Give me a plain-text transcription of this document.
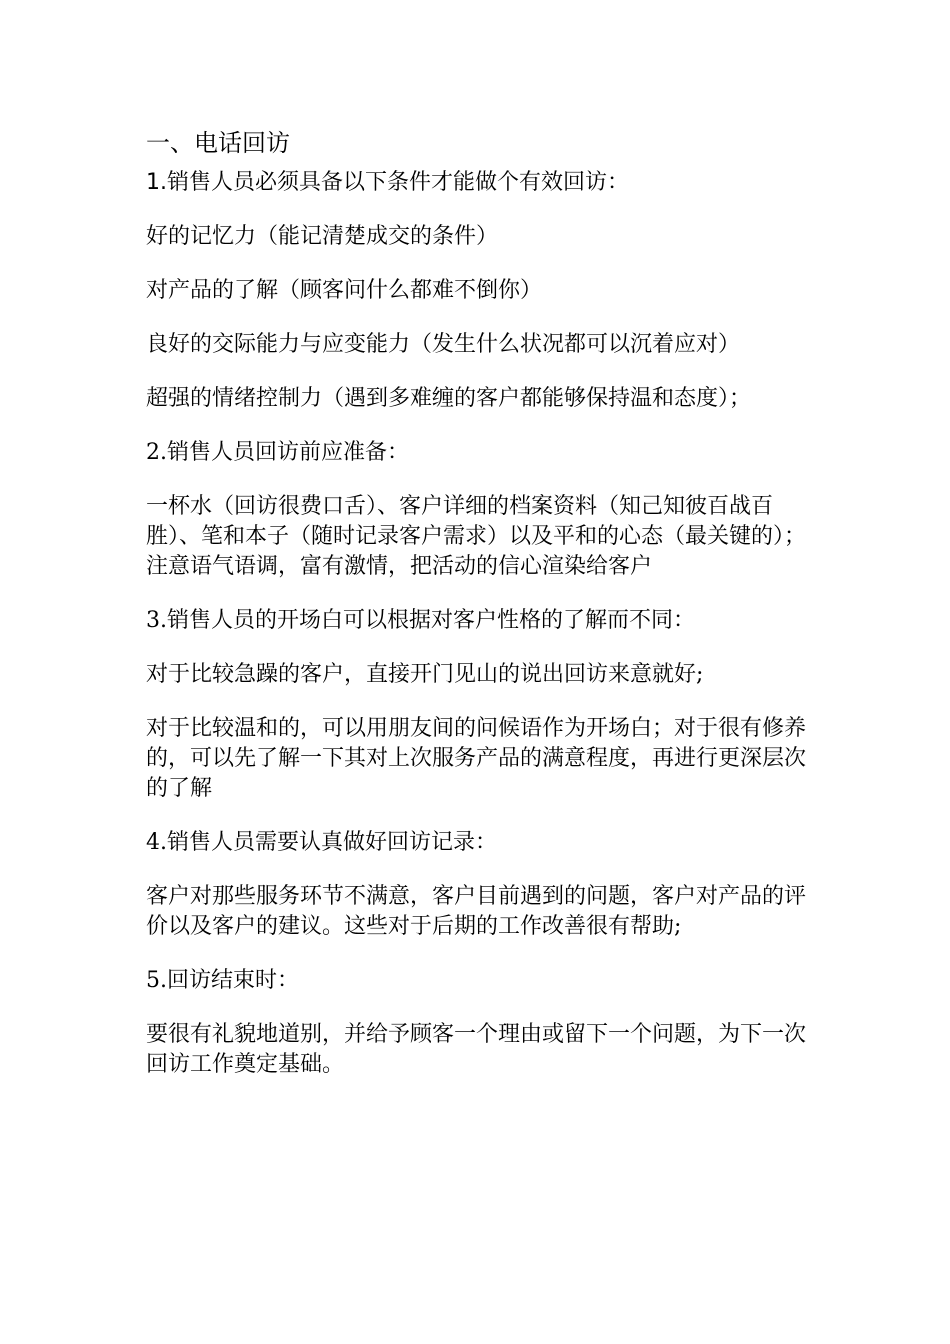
一、电话回访
1.销售人员必须具备以下条件才能做个有效回访：
好的记忆力（能记清楚成交的条件）
对产品的了解（顾客问什么都难不倒你）
良好的交际能力与应变能力（发生什么状况都可以沉着应对）
超强的情绪控制力（遇到多难缠的客户都能够保持温和态度）；
2.销售人员回访前应准备：
一杯水（回访很费口舌）、客户详细的档案资料（知己知彼百战百胜）、笔和本子（随时记录客户需求）以及平和的心态（最关键的）；注意语气语调，富有激情，把活动的信心渲染给客户
3.销售人员的开场白可以根据对客户性格的了解而不同：
对于比较急躁的客户，直接开门见山的说出回访来意就好;
对于比较温和的，可以用朋友间的问候语作为开场白；对于很有修养的，可以先了解一下其对上次服务产品的满意程度，再进行更深层次的了解
4.销售人员需要认真做好回访记录：
客户对那些服务环节不满意，客户目前遇到的问题，客户对产品的评价以及客户的建议。这些对于后期的工作改善很有帮助;
5.回访结束时：
要很有礼貌地道别，并给予顾客一个理由或留下一个问题，为下一次回访工作奠定基础。
